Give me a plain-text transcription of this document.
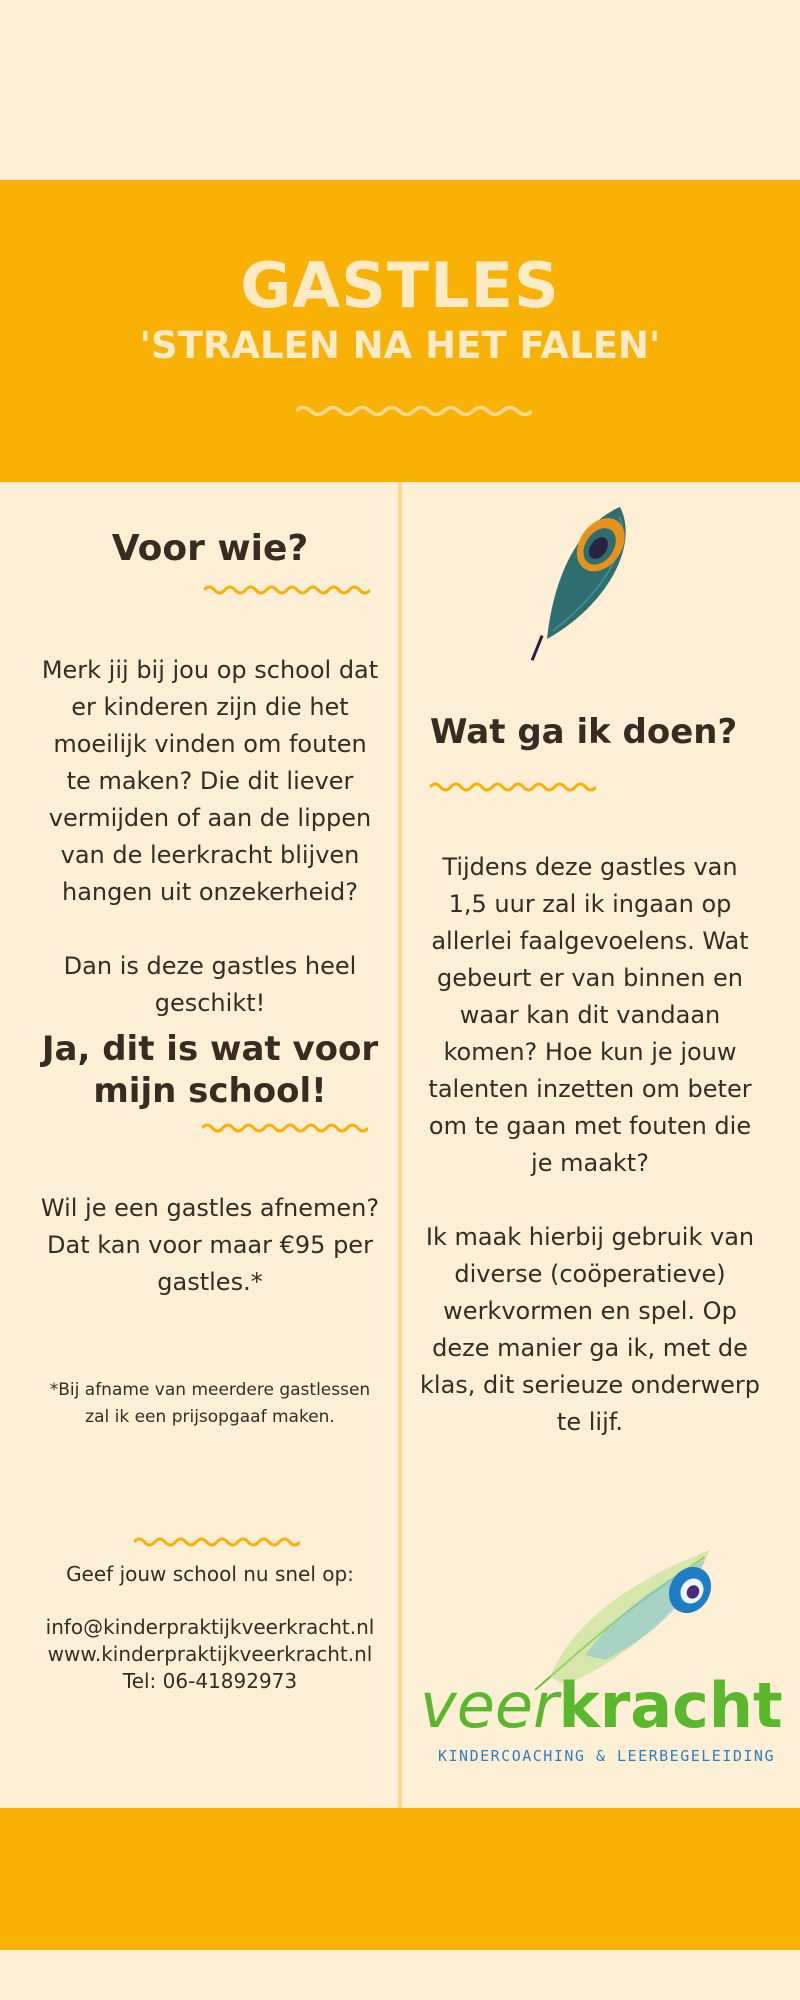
GASTLES
'STRALEN NA HET FALEN'
Voor wie?
Merk jij bij jou op school dat er kinderen zijn die het moeilijk vinden om fouten te maken? Die dit liever vermijden of aan de lippen van de leerkracht blijven hangen uit onzekerheid?
Dan is deze gastles heel geschikt!
Ja, dit is wat voor mijn school!
Wil je een gastles afnemen? Dat kan voor maar €95 per gastles.*
*Bij afname van meerdere gastlessen zal ik een prijsopgaaf maken.
Geef jouw school nu snel op:
info@kinderpraktijkveerkracht.nl
www.kinderpraktijkveerkracht.nl
Tel: 06-41892973
Wat ga ik doen?
Tijdens deze gastles van 1,5 uur zal ik ingaan op allerlei faalgevoelens. Wat gebeurt er van binnen en waar kan dit vandaan komen? Hoe kun je jouw talenten inzetten om beter om te gaan met fouten die je maakt?
Ik maak hierbij gebruik van diverse (coöperatieve) werkvormen en spel. Op deze manier ga ik, met de klas, dit serieuze onderwerp te lijf.
veerkracht
KINDERCOACHING & LEERBEGELEIDING
